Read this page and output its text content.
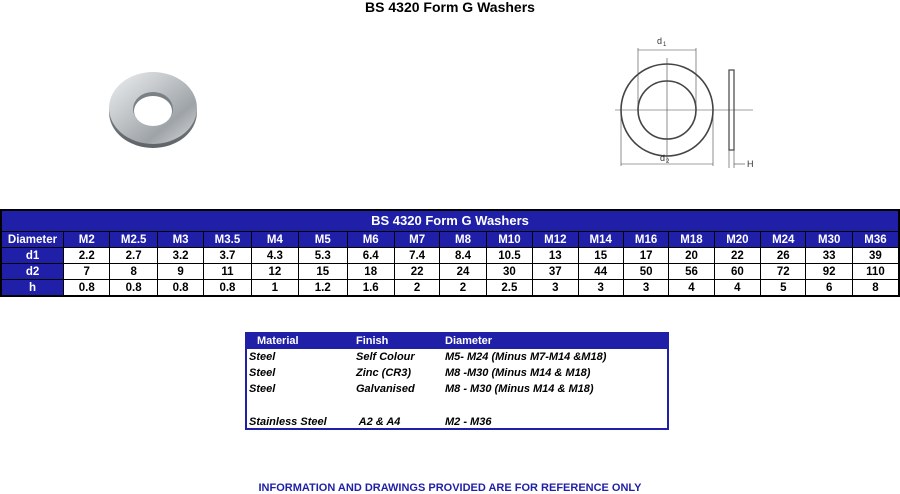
BS 4320 Form G Washers
d 1
d 2	H
BS 4320 Form G Washers																		
Diameter	M2	M2.5	M3	M3.5	M4	M5	M6	M7	M8	M10	M12	M14	M16	M18	M20	M24	M30	M36
d1	2.2	2.7	3.2	3.7	4.3	5.3	6.4	7.4	8.4	10.5	13	15	17	20	22	26	33	39
d2	7	8	9	11	12	15	18	22	24	30	37	44	50	56	60	72	92	110
h	0.8	0.8	0.8	0.8	1	1.2	1.6	2	2	2.5	3	3	3	4	4	5	6	8
Material	Finish	Diameter
Steel	Self Colour	M5- M24 (Minus M7-M14 &M18)
Steel	Zinc (CR3)	M8 -M30 (Minus M14 & M18)
Steel	Galvanised	M8 - M30 (Minus M14 & M18)
Stainless Steel	A2 & A4	M2 - M36
INFORMATION AND DRAWINGS PROVIDED ARE FOR REFERENCE ONLY
